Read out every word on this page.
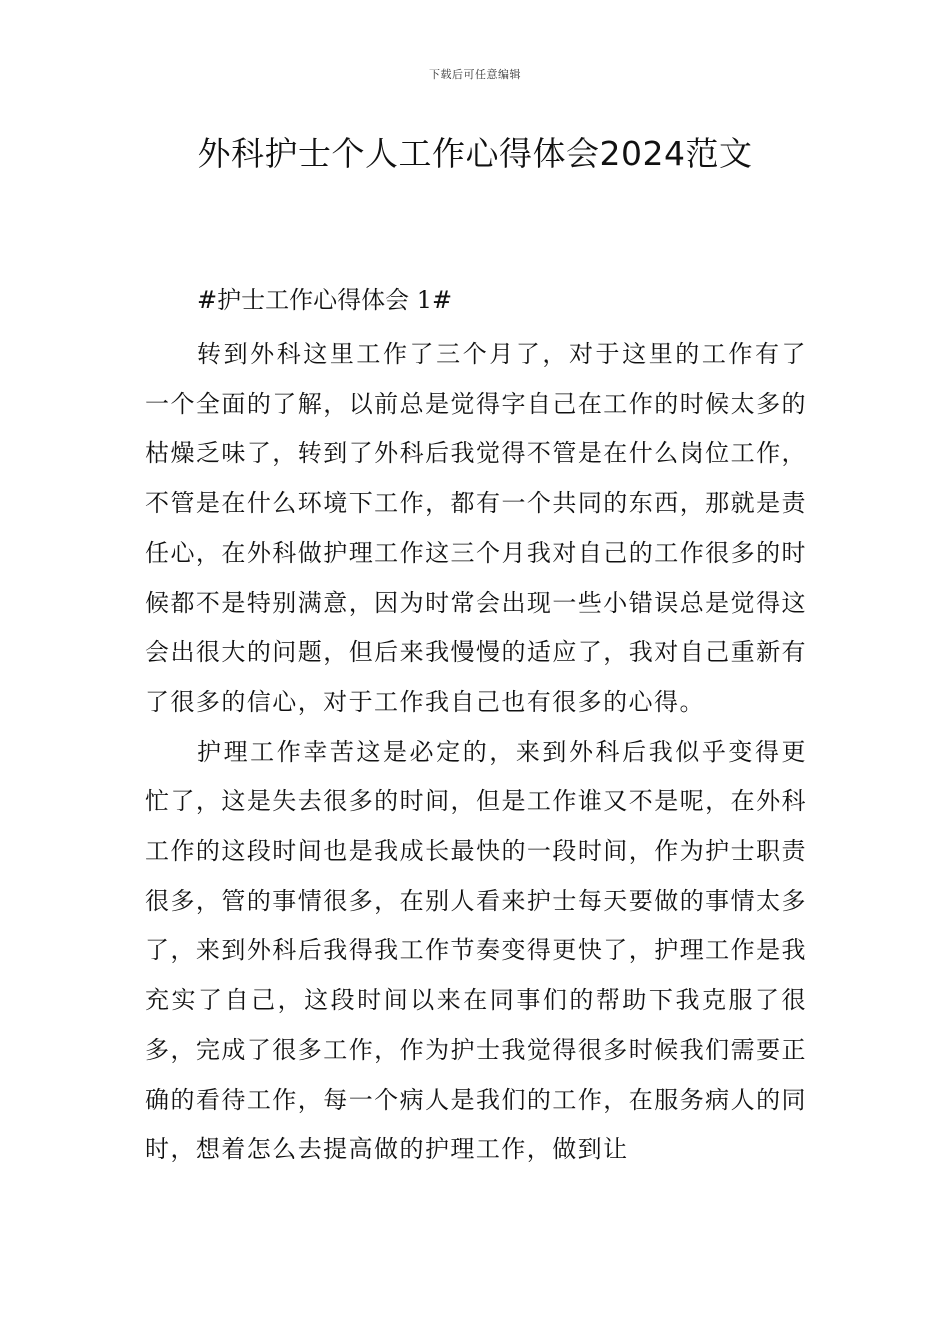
下载后可任意编辑
外科护士个人工作心得体会2024范文

#护士工作心得体会 1#

转到外科这里工作了三个月了，对于这里的工作有了一个全面的了解，以前总是觉得字自己在工作的时候太多的枯燥乏味了，转到了外科后我觉得不管是在什么岗位工作，不管是在什么环境下工作，都有一个共同的东西，那就是责任心，在外科做护理工作这三个月我对自己的工作很多的时候都不是特别满意，因为时常会出现一些小错误总是觉得这会出很大的问题，但后来我慢慢的适应了，我对自己重新有了很多的信心，对于工作我自己也有很多的心得。

护理工作幸苦这是必定的，来到外科后我似乎变得更忙了，这是失去很多的时间，但是工作谁又不是呢，在外科工作的这段时间也是我成长最快的一段时间，作为护士职责很多，管的事情很多，在别人看来护士每天要做的事情太多了，来到外科后我得我工作节奏变得更快了，护理工作是我充实了自己，这段时间以来在同事们的帮助下我克服了很多，完成了很多工作，作为护士我觉得很多时候我们需要正确的看待工作，每一个病人是我们的工作，在服务病人的同时，想着怎么去提高做的护理工作，做到让
